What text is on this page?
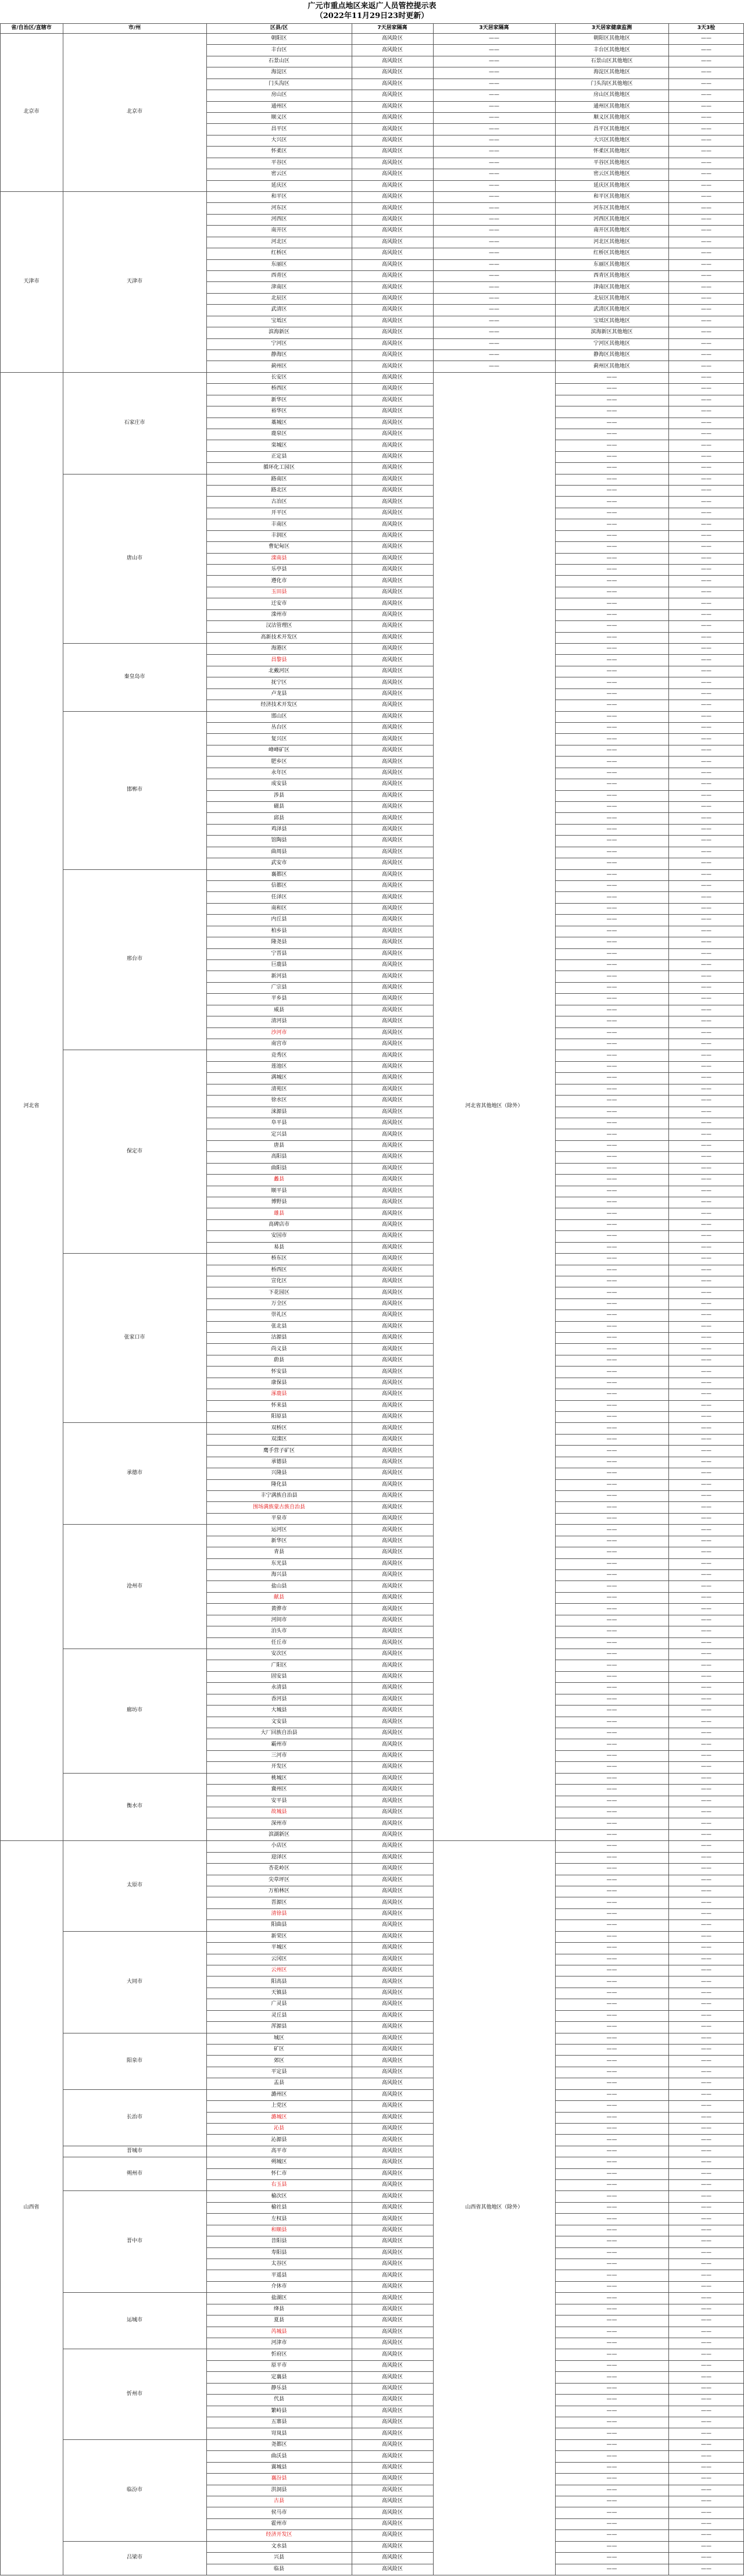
广元市重点地区来返广人员管控提示表
（2022年11月29日23时更新）
省/自治区/直辖市	市/州	区县/区	7天居家隔离	3天居家隔离	3天居家健康监测	3天3检
北京市	北京市
朝阳区	高风险区	——	朝阳区其他地区	——
丰台区	高风险区	——	丰台区其他地区	——
石景山区	高风险区	——	石景山区其他地区	——
海淀区	高风险区	——	海淀区其他地区	——
门头沟区	高风险区	——	门头沟区其他地区	——
房山区	高风险区	——	房山区其他地区	——
通州区	高风险区	——	通州区其他地区	——
顺义区	高风险区	——	顺义区其他地区	——
昌平区	高风险区	——	昌平区其他地区	——
大兴区	高风险区	——	大兴区其他地区	——
怀柔区	高风险区	——	怀柔区其他地区	——
平谷区	高风险区	——	平谷区其他地区	——
密云区	高风险区	——	密云区其他地区	——
延庆区	高风险区	——	延庆区其他地区	——
天津市	天津市
和平区	高风险区	——	和平区其他地区	——
河东区	高风险区	——	河东区其他地区	——
河西区	高风险区	——	河西区其他地区	——
南开区	高风险区	——	南开区其他地区	——
河北区	高风险区	——	河北区其他地区	——
红桥区	高风险区	——	红桥区其他地区	——
东丽区	高风险区	——	东丽区其他地区	——
西青区	高风险区	——	西青区其他地区	——
津南区	高风险区	——	津南区其他地区	——
北辰区	高风险区	——	北辰区其他地区	——
武清区	高风险区	——	武清区其他地区	——
宝坻区	高风险区	——	宝坻区其他地区	——
滨海新区	高风险区	——	滨海新区其他地区	——
宁河区	高风险区	——	宁河区其他地区	——
静海区	高风险区	——	静海区其他地区	——
蓟州区	高风险区	——	蓟州区其他地区	——
河北省	河北省其他地区（除外）
石家庄市
长安区	高风险区	——	——
桥西区	高风险区	——	——
新华区	高风险区	——	——
裕华区	高风险区	——	——
藁城区	高风险区	——	——
鹿泉区	高风险区	——	——
栾城区	高风险区	——	——
正定县	高风险区	——	——
循环化工园区	高风险区	——	——
唐山市
路南区	高风险区	——	——
路北区	高风险区	——	——
古冶区	高风险区	——	——
开平区	高风险区	——	——
丰南区	高风险区	——	——
丰润区	高风险区	——	——
曹妃甸区	高风险区	——	——
滦南县	高风险区	——	——
乐亭县	高风险区	——	——
遵化市	高风险区	——	——
玉田县	高风险区	——	——
迁安市	高风险区	——	——
滦州市	高风险区	——	——
汉沽管理区	高风险区	——	——
高新技术开发区	高风险区	——	——
秦皇岛市
海港区	高风险区	——	——
昌黎县	高风险区	——	——
北戴河区	高风险区	——	——
抚宁区	高风险区	——	——
卢龙县	高风险区	——	——
经济技术开发区	高风险区	——	——
邯郸市
邯山区	高风险区	——	——
丛台区	高风险区	——	——
复兴区	高风险区	——	——
峰峰矿区	高风险区	——	——
肥乡区	高风险区	——	——
永年区	高风险区	——	——
成安县	高风险区	——	——
涉县	高风险区	——	——
磁县	高风险区	——	——
邱县	高风险区	——	——
鸡泽县	高风险区	——	——
馆陶县	高风险区	——	——
曲周县	高风险区	——	——
武安市	高风险区	——	——
邢台市
襄都区	高风险区	——	——
信都区	高风险区	——	——
任泽区	高风险区	——	——
南和区	高风险区	——	——
内丘县	高风险区	——	——
柏乡县	高风险区	——	——
隆尧县	高风险区	——	——
宁晋县	高风险区	——	——
巨鹿县	高风险区	——	——
新河县	高风险区	——	——
广宗县	高风险区	——	——
平乡县	高风险区	——	——
威县	高风险区	——	——
清河县	高风险区	——	——
沙河市	高风险区	——	——
南宫市	高风险区	——	——
保定市
竞秀区	高风险区	——	——
莲池区	高风险区	——	——
满城区	高风险区	——	——
清苑区	高风险区	——	——
徐水区	高风险区	——	——
涞源县	高风险区	——	——
阜平县	高风险区	——	——
定兴县	高风险区	——	——
唐县	高风险区	——	——
高阳县	高风险区	——	——
曲阳县	高风险区	——	——
蠡县	高风险区	——	——
顺平县	高风险区	——	——
博野县	高风险区	——	——
雄县	高风险区	——	——
高碑店市	高风险区	——	——
安国市	高风险区	——	——
易县	高风险区	——	——
张家口市
桥东区	高风险区	——	——
桥西区	高风险区	——	——
宣化区	高风险区	——	——
下花园区	高风险区	——	——
万全区	高风险区	——	——
崇礼区	高风险区	——	——
张北县	高风险区	——	——
沽源县	高风险区	——	——
尚义县	高风险区	——	——
蔚县	高风险区	——	——
怀安县	高风险区	——	——
康保县	高风险区	——	——
涿鹿县	高风险区	——	——
怀来县	高风险区	——	——
阳原县	高风险区	——	——
承德市
双桥区	高风险区	——	——
双滦区	高风险区	——	——
鹰手营子矿区	高风险区	——	——
承德县	高风险区	——	——
兴隆县	高风险区	——	——
隆化县	高风险区	——	——
丰宁满族自治县	高风险区	——	——
围场满族蒙古族自治县	高风险区	——	——
平泉市	高风险区	——	——
沧州市
运河区	高风险区	——	——
新华区	高风险区	——	——
青县	高风险区	——	——
东光县	高风险区	——	——
海兴县	高风险区	——	——
盐山县	高风险区	——	——
献县	高风险区	——	——
黄骅市	高风险区	——	——
河间市	高风险区	——	——
泊头市	高风险区	——	——
任丘市	高风险区	——	——
廊坊市
安次区	高风险区	——	——
广阳区	高风险区	——	——
固安县	高风险区	——	——
永清县	高风险区	——	——
香河县	高风险区	——	——
大城县	高风险区	——	——
文安县	高风险区	——	——
大厂回族自治县	高风险区	——	——
霸州市	高风险区	——	——
三河市	高风险区	——	——
开发区	高风险区	——	——
衡水市
桃城区	高风险区	——	——
冀州区	高风险区	——	——
安平县	高风险区	——	——
故城县	高风险区	——	——
深州市	高风险区	——	——
滨湖新区	高风险区	——	——
山西省	山西省其他地区（除外）
太原市
小店区	高风险区	——	——
迎泽区	高风险区	——	——
杏花岭区	高风险区	——	——
尖草坪区	高风险区	——	——
万柏林区	高风险区	——	——
晋源区	高风险区	——	——
清徐县	高风险区	——	——
阳曲县	高风险区	——	——
大同市
新荣区	高风险区	——	——
平城区	高风险区	——	——
云冈区	高风险区	——	——
云州区	高风险区	——	——
阳高县	高风险区	——	——
天镇县	高风险区	——	——
广灵县	高风险区	——	——
灵丘县	高风险区	——	——
浑源县	高风险区	——	——
阳泉市
城区	高风险区	——	——
矿区	高风险区	——	——
郊区	高风险区	——	——
平定县	高风险区	——	——
盂县	高风险区	——	——
长治市
潞州区	高风险区	——	——
上党区	高风险区	——	——
潞城区	高风险区	——	——
沁县	高风险区	——	——
沁源县	高风险区	——	——
晋城市	高平市	高风险区	——	——
朔州市
朔城区	高风险区	——	——
怀仁市	高风险区	——	——
右玉县	高风险区	——	——
晋中市
榆次区	高风险区	——	——
榆社县	高风险区	——	——
左权县	高风险区	——	——
和顺县	高风险区	——	——
昔阳县	高风险区	——	——
寿阳县	高风险区	——	——
太谷区	高风险区	——	——
平遥县	高风险区	——	——
介休市	高风险区	——	——
运城市
盐湖区	高风险区	——	——
绛县	高风险区	——	——
夏县	高风险区	——	——
芮城县	高风险区	——	——
河津市	高风险区	——	——
忻州市
忻府区	高风险区	——	——
原平市	高风险区	——	——
定襄县	高风险区	——	——
静乐县	高风险区	——	——
代县	高风险区	——	——
繁峙县	高风险区	——	——
五寨县	高风险区	——	——
岢岚县	高风险区	——	——
临汾市
尧都区	高风险区	——	——
曲沃县	高风险区	——	——
翼城县	高风险区	——	——
襄汾县	高风险区	——	——
洪洞县	高风险区	——	——
古县	高风险区	——	——
侯马市	高风险区	——	——
霍州市	高风险区	——	——
经济开发区	高风险区	——	——
吕梁市
文水县	高风险区	——	——
兴县	高风险区	——	——
临县	高风险区	——	——
